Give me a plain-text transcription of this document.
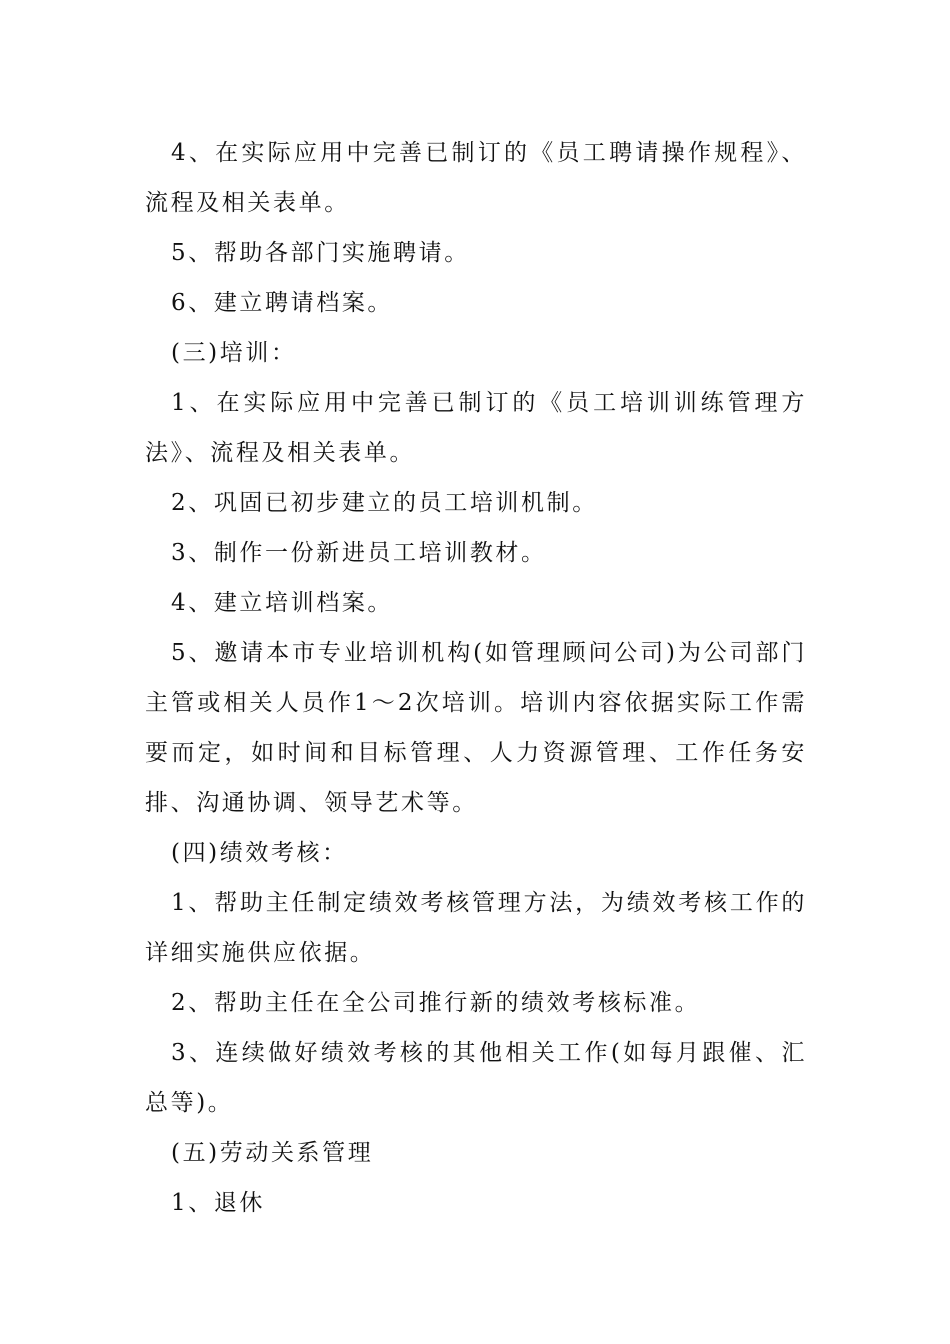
4、在实际应用中完善已制订的《员工聘请操作规程》、流程及相关表单。

5、帮助各部门实施聘请。

6、建立聘请档案。

(三)培训：

1、在实际应用中完善已制订的《员工培训训练管理方法》、流程及相关表单。

2、巩固已初步建立的员工培训机制。

3、制作一份新进员工培训教材。

4、建立培训档案。

5、邀请本市专业培训机构(如管理顾问公司)为公司部门主管或相关人员作1～2次培训。培训内容依据实际工作需要而定，如时间和目标管理、人力资源管理、工作任务安排、沟通协调、领导艺术等。

(四)绩效考核：

1、帮助主任制定绩效考核管理方法，为绩效考核工作的详细实施供应依据。

2、帮助主任在全公司推行新的绩效考核标准。

3、连续做好绩效考核的其他相关工作(如每月跟催、汇总等)。

(五)劳动关系管理

1、退休
